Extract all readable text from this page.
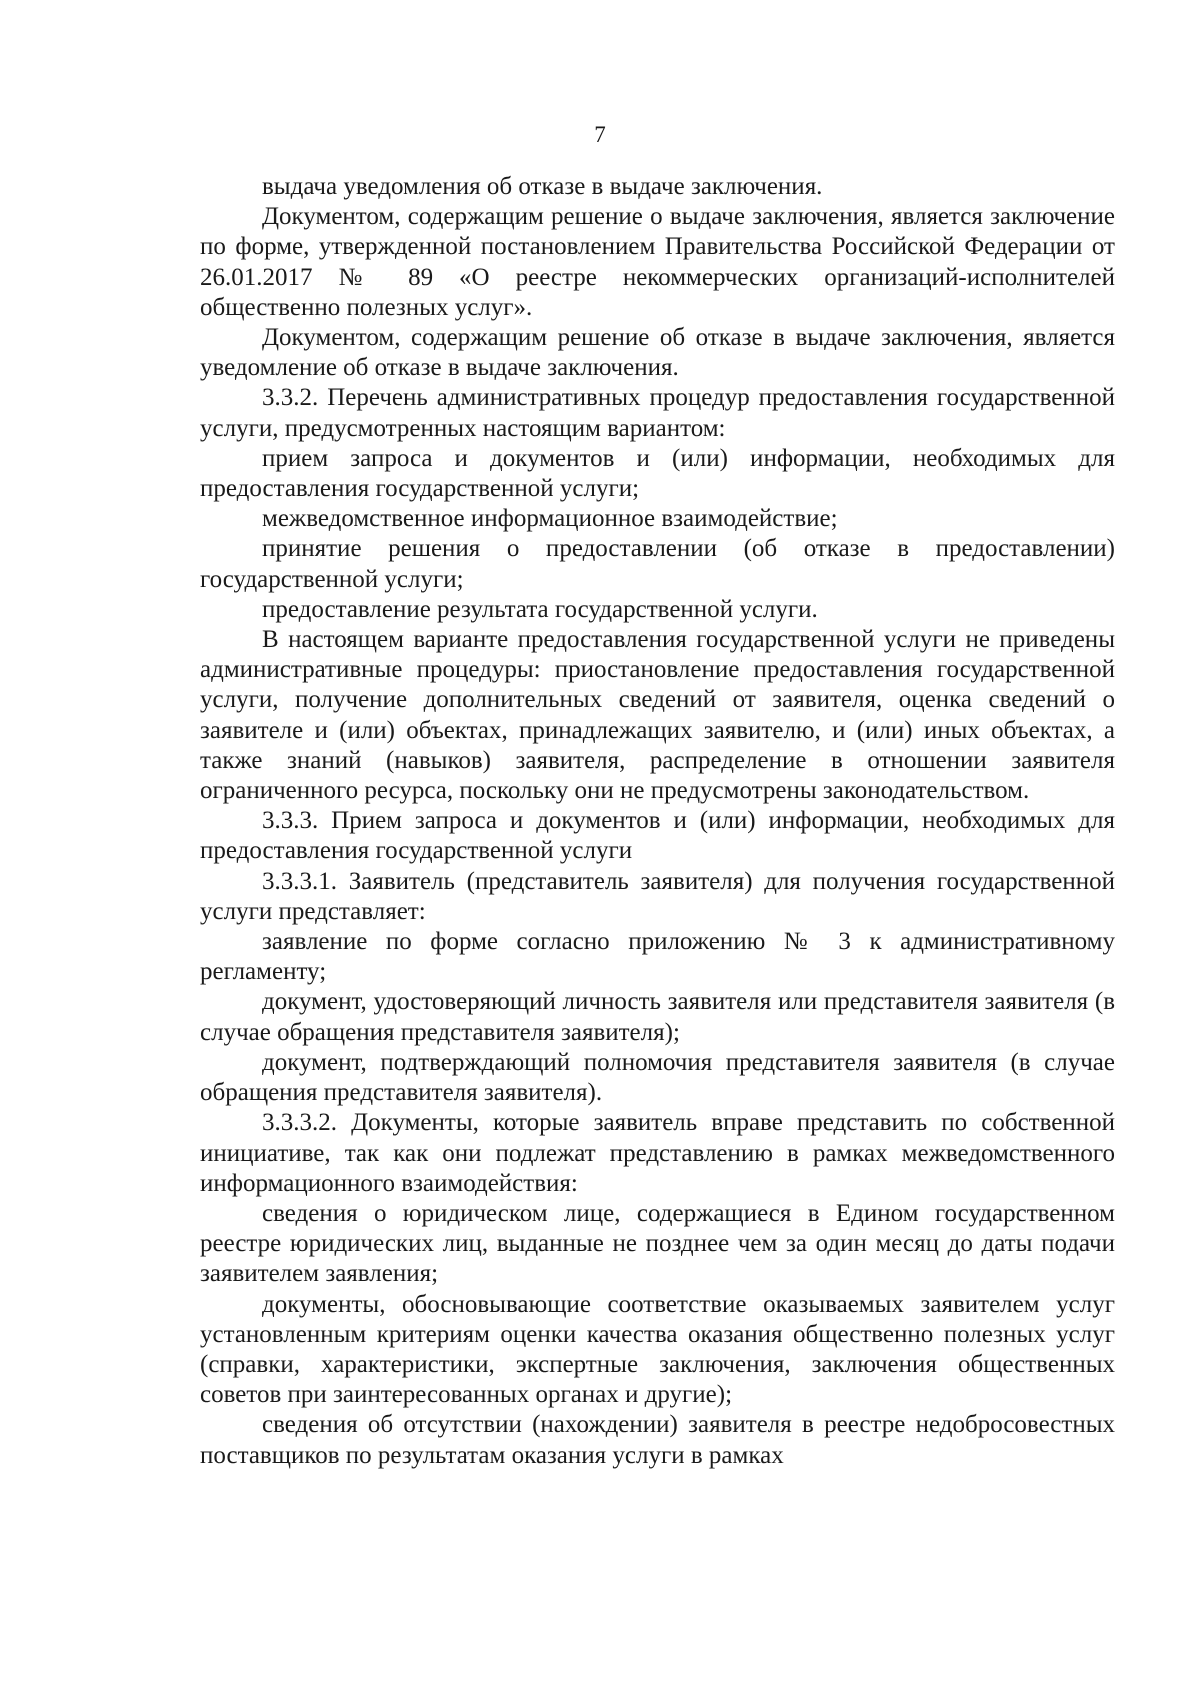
7

выдача уведомления об отказе в выдаче заключения.

Документом, содержащим решение о выдаче заключения, является заключение по форме, утвержденной постановлением Правительства Российской Федерации от 26.01.2017 № 89 «О реестре некоммерческих организаций-исполнителей общественно полезных услуг».

Документом, содержащим решение об отказе в выдаче заключения, является уведомление об отказе в выдаче заключения.

3.3.2. Перечень административных процедур предоставления государственной услуги, предусмотренных настоящим вариантом:

прием запроса и документов и (или) информации, необходимых для предоставления государственной услуги;

межведомственное информационное взаимодействие;

принятие решения о предоставлении (об отказе в предоставлении) государственной услуги;

предоставление результата государственной услуги.

В настоящем варианте предоставления государственной услуги не приведены административные процедуры: приостановление предоставления государственной услуги, получение дополнительных сведений от заявителя, оценка сведений о заявителе и (или) объектах, принадлежащих заявителю, и (или) иных объектах, а также знаний (навыков) заявителя, распределение в отношении заявителя ограниченного ресурса, поскольку они не предусмотрены законодательством.

3.3.3. Прием запроса и документов и (или) информации, необходимых для предоставления государственной услуги

3.3.3.1. Заявитель (представитель заявителя) для получения государственной услуги представляет:

заявление по форме согласно приложению № 3 к административному регламенту;

документ, удостоверяющий личность заявителя или представителя заявителя (в случае обращения представителя заявителя);

документ, подтверждающий полномочия представителя заявителя (в случае обращения представителя заявителя).

3.3.3.2. Документы, которые заявитель вправе представить по собственной инициативе, так как они подлежат представлению в рамках межведомственного информационного взаимодействия:

сведения о юридическом лице, содержащиеся в Едином государственном реестре юридических лиц, выданные не позднее чем за один месяц до даты подачи заявителем заявления;

документы, обосновывающие соответствие оказываемых заявителем услуг установленным критериям оценки качества оказания общественно полезных услуг (справки, характеристики, экспертные заключения, заключения общественных советов при заинтересованных органах и другие);

сведения об отсутствии (нахождении) заявителя в реестре недобросовестных поставщиков по результатам оказания услуги в рамках
